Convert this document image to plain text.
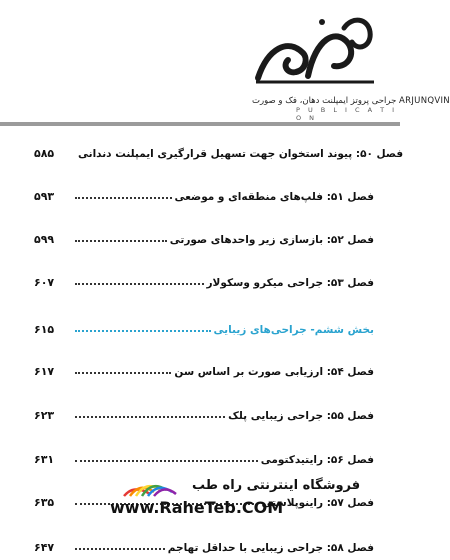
جراحی پروتز ایمپلنت دهان، فک و صورت ARJUNQVIN
P U B L I C A T I O N
۵۸۵	فصل ۵۰: پیوند استخوان جهت تسهیل قرارگیری ایمپلنت دندانی
۵۹۳	فصل ۵۱: فلپ‌های منطقه‌ای و موضعی
۵۹۹	فصل ۵۲: بازسازی زیر واحدهای صورتی
۶۰۷	فصل ۵۳: جراحی میکرو وسکولار
۶۱۵	بخش ششم- جراحی‌های زیبایی
۶۱۷	فصل ۵۴: ارزیابی صورت بر اساس سن
۶۲۳	فصل ۵۵: جراحی زیبایی پلک
۶۳۱	فصل ۵۶: رایتیدکتومی
۶۳۵	فصل ۵۷: راینوپلاستی
۶۴۷	فصل ۵۸: جراحی زیبایی با حداقل تهاجم
فروشگاه اینترنتی راه طب
www.RaheTeb.COM
